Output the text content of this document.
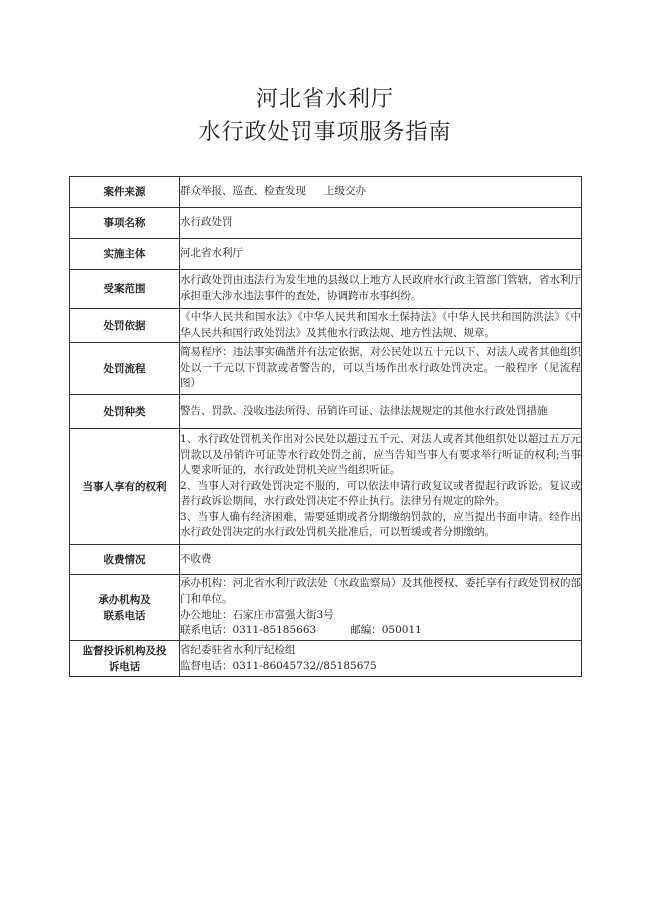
河北省水利厅
水行政处罚事项服务指南
案件来源	群众举报、巡查、检查发现 上级交办
事项名称	水行政处罚
实施主体	河北省水利厅
受案范围	水行政处罚由违法行为发生地的县级以上地方人民政府水行政主管部门管辖，省水利厅承担重大涉水违法事件的查处，协调跨市水事纠纷。
处罚依据	《中华人民共和国水法》《中华人民共和国水土保持法》《中华人民共和国防洪法》《中华人民共和国行政处罚法》及其他水行政法规、地方性法规、规章。
处罚流程	简易程序：违法事实确凿并有法定依据，对公民处以五十元以下、对法人或者其他组织处以一千元以下罚款或者警告的，可以当场作出水行政处罚决定。一般程序（见流程图）
处罚种类	警告、罚款、没收违法所得、吊销许可证、法律法规规定的其他水行政处罚措施
当事人享有的权利	1、水行政处罚机关作出对公民处以超过五千元、对法人或者其他组织处以超过五万元罚款以及吊销许可证等水行政处罚之前，应当告知当事人有要求举行听证的权利;当事人要求听证的，水行政处罚机关应当组织听证。
2、当事人对行政处罚决定不服的，可以依法申请行政复议或者提起行政诉讼。复议或者行政诉讼期间，水行政处罚决定不停止执行。法律另有规定的除外。
3、当事人确有经济困难，需要延期或者分期缴纳罚款的，应当提出书面申请。经作出水行政处罚决定的水行政处罚机关批准后，可以暂缓或者分期缴纳。

收费情况	不收费

承办机构及
联系电话	承办机构：河北省水利厅政法处（水政监察局）及其他授权、委托享有行政处罚权的部门和单位。
办公地址：石家庄市富强大街3号
联系电话：0311-85185663 邮编：050011

监督投诉机构及投
诉电话	省纪委驻省水利厅纪检组
监督电话：0311-86045732//85185675
